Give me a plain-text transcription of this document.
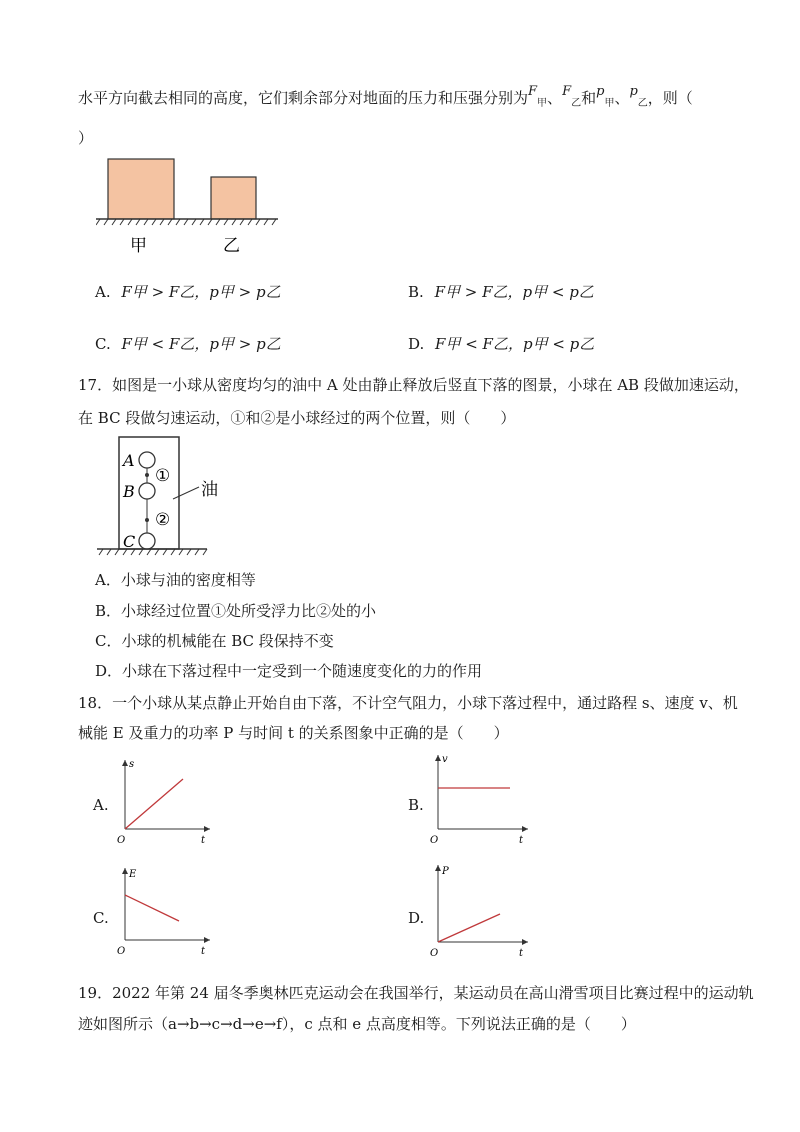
水平方向截去相同的高度，它们剩余部分对地面的压力和压强分别为$F_甲$、$F_乙$和$p_甲$、$p_乙$，则（
）
甲	乙
A. F甲 > F乙，p甲 > p乙	B. F甲 > F乙，p甲 < p乙
C. F甲 < F乙，p甲 > p乙	D. F甲 < F乙，p甲 < p乙
17．如图是一小球从密度均匀的油中 A 处由静止释放后竖直下落的图景，小球在 AB 段做加速运动，
在 BC 段做匀速运动，①和②是小球经过的两个位置，则（　　）
A
B
C
①
②
油
A．小球与油的密度相等
B．小球经过位置①处所受浮力比②处的小
C．小球的机械能在 BC 段保持不变
D．小球在下落过程中一定受到一个随速度变化的力的作用
18．一个小球从某点静止开始自由下落，不计空气阻力，小球下落过程中，通过路程 s、速度 v、机
械能 E 及重力的功率 P 与时间 t 的关系图象中正确的是（　　）
A.
s
t
O
B.
v
t
O
C.
E
t
O
D.
P
t
O
19．2022 年第 24 届冬季奥林匹克运动会在我国举行，某运动员在高山滑雪项目比赛过程中的运动轨
迹如图所示（a→b→c→d→e→f），c 点和 e 点高度相等。下列说法正确的是（　　）
